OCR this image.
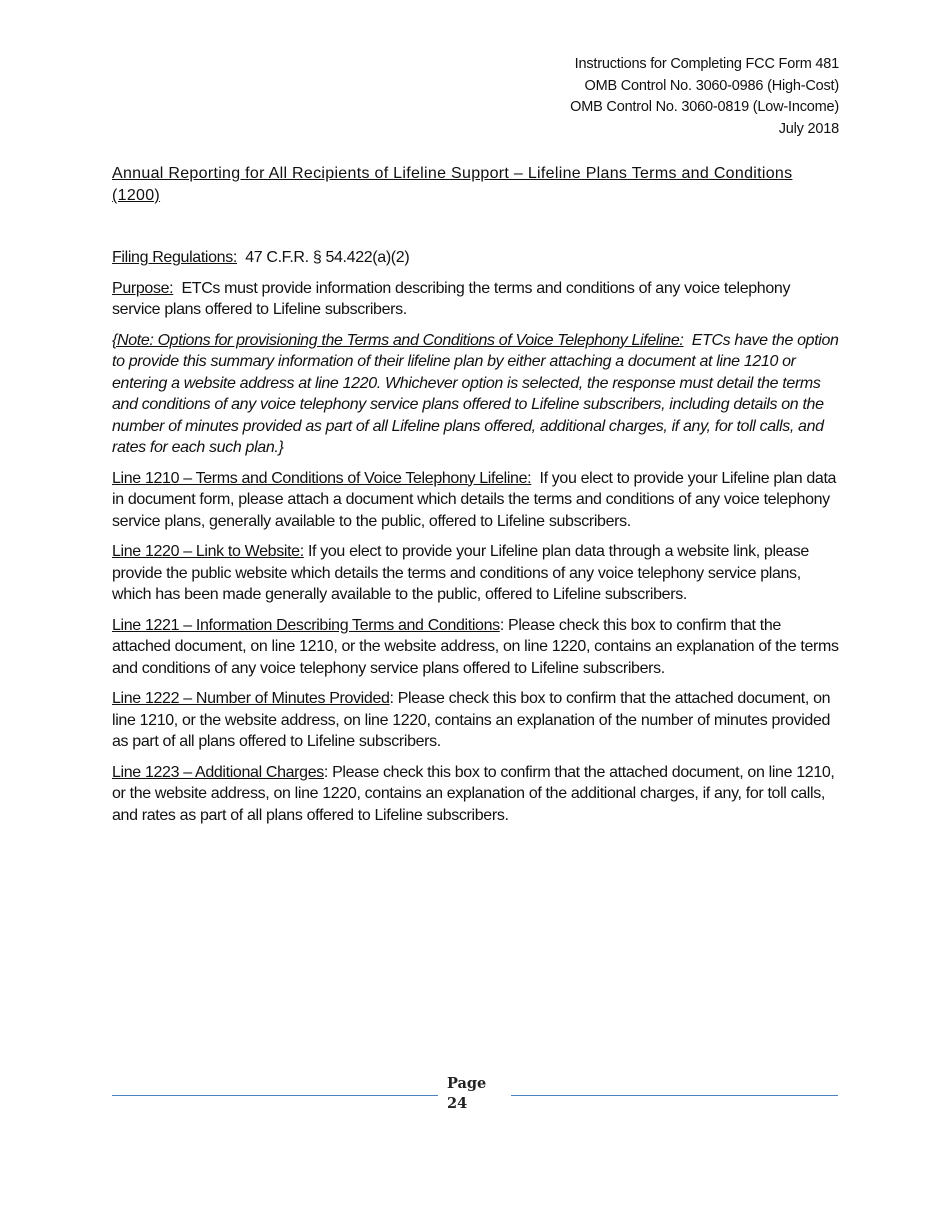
Instructions for Completing FCC Form 481
OMB Control No. 3060-0986 (High-Cost)
OMB Control No. 3060-0819 (Low-Income)
July 2018
Annual Reporting for All Recipients of Lifeline Support – Lifeline Plans Terms and Conditions (1200)
Filing Regulations: 47 C.F.R. § 54.422(a)(2)
Purpose: ETCs must provide information describing the terms and conditions of any voice telephony service plans offered to Lifeline subscribers.
{Note: Options for provisioning the Terms and Conditions of Voice Telephony Lifeline: ETCs have the option to provide this summary information of their lifeline plan by either attaching a document at line 1210 or entering a website address at line 1220. Whichever option is selected, the response must detail the terms and conditions of any voice telephony service plans offered to Lifeline subscribers, including details on the number of minutes provided as part of all Lifeline plans offered, additional charges, if any, for toll calls, and rates for each such plan.}
Line 1210 – Terms and Conditions of Voice Telephony Lifeline: If you elect to provide your Lifeline plan data in document form, please attach a document which details the terms and conditions of any voice telephony service plans, generally available to the public, offered to Lifeline subscribers.
Line 1220 – Link to Website: If you elect to provide your Lifeline plan data through a website link, please provide the public website which details the terms and conditions of any voice telephony service plans, which has been made generally available to the public, offered to Lifeline subscribers.
Line 1221 – Information Describing Terms and Conditions: Please check this box to confirm that the attached document, on line 1210, or the website address, on line 1220, contains an explanation of the terms and conditions of any voice telephony service plans offered to Lifeline subscribers.
Line 1222 – Number of Minutes Provided: Please check this box to confirm that the attached document, on line 1210, or the website address, on line 1220, contains an explanation of the number of minutes provided as part of all plans offered to Lifeline subscribers.
Line 1223 – Additional Charges: Please check this box to confirm that the attached document, on line 1210, or the website address, on line 1220, contains an explanation of the additional charges, if any, for toll calls, and rates as part of all plans offered to Lifeline subscribers.
Page
24
